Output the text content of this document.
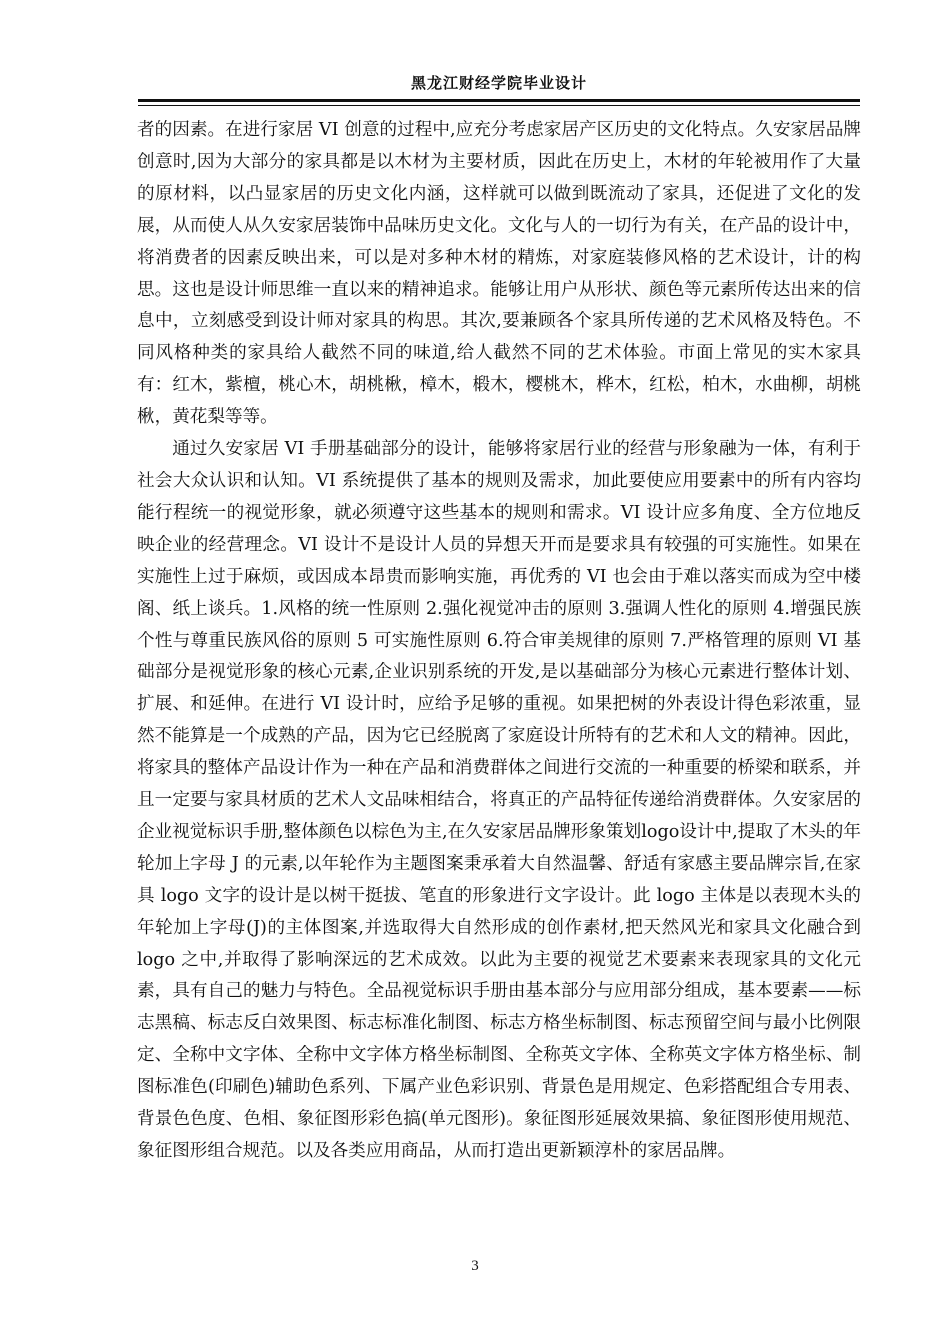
黑龙江财经学院毕业设计

者的因素。在进行家居 VI 创意的过程中,应充分考虑家居产区历史的文化特点。久安家居品牌创意时,因为大部分的家具都是以木材为主要材质，因此在历史上，木材的年轮被用作了大量的原材料，以凸显家居的历史文化内涵，这样就可以做到既流动了家具，还促进了文化的发展，从而使人从久安家居装饰中品味历史文化。文化与人的一切行为有关，在产品的设计中，将消费者的因素反映出来，可以是对多种木材的精炼，对家庭装修风格的艺术设计，计的构思。这也是设计师思维一直以来的精神追求。能够让用户从形状、颜色等元素所传达出来的信息中，立刻感受到设计师对家具的构思。其次,要兼顾各个家具所传递的艺术风格及特色。不同风格种类的家具给人截然不同的味道,给人截然不同的艺术体验。市面上常见的实木家具有：红木，紫檀，桃心木，胡桃楸，樟木，椴木，樱桃木，桦木，红松，柏木，水曲柳，胡桃楸，黄花梨等等。

通过久安家居 VI 手册基础部分的设计，能够将家居行业的经营与形象融为一体，有利于社会大众认识和认知。VI 系统提供了基本的规则及需求，加此要使应用要素中的所有内容均能行程统一的视觉形象，就必须遵守这些基本的规则和需求。VI 设计应多角度、全方位地反映企业的经营理念。VI 设计不是设计人员的异想天开而是要求具有较强的可实施性。如果在实施性上过于麻烦，或因成本昂贵而影响实施，再优秀的 VI 也会由于难以落实而成为空中楼阁、纸上谈兵。1.风格的统一性原则 2.强化视觉冲击的原则 3.强调人性化的原则 4.增强民族个性与尊重民族风俗的原则 5 可实施性原则 6.符合审美规律的原则 7.严格管理的原则 VI 基础部分是视觉形象的核心元素,企业识别系统的开发,是以基础部分为核心元素进行整体计划、扩展、和延伸。在进行 VI 设计时，应给予足够的重视。如果把树的外表设计得色彩浓重，显然不能算是一个成熟的产品，因为它已经脱离了家庭设计所特有的艺术和人文的精神。因此，将家具的整体产品设计作为一种在产品和消费群体之间进行交流的一种重要的桥梁和联系，并且一定要与家具材质的艺术人文品味相结合，将真正的产品特征传递给消费群体。久安家居的企业视觉标识手册,整体颜色以棕色为主,在久安家居品牌形象策划logo设计中,提取了木头的年轮加上字母 J 的元素,以年轮作为主题图案秉承着大自然温馨、舒适有家感主要品牌宗旨,在家具 logo 文字的设计是以树干挺拔、笔直的形象进行文字设计。此 logo 主体是以表现木头的年轮加上字母(J)的主体图案,并选取得大自然形成的创作素材,把天然风光和家具文化融合到 logo 之中,并取得了影响深远的艺术成效。以此为主要的视觉艺术要素来表现家具的文化元素，具有自己的魅力与特色。全品视觉标识手册由基本部分与应用部分组成，基本要素——标志黑稿、标志反白效果图、标志标准化制图、标志方格坐标制图、标志预留空间与最小比例限定、全称中文字体、全称中文字体方格坐标制图、全称英文字体、全称英文字体方格坐标、制图标准色(印刷色)辅助色系列、下属产业色彩识别、背景色是用规定、色彩搭配组合专用表、背景色色度、色相、象征图形彩色搞(单元图形)。象征图形延展效果搞、象征图形使用规范、象征图形组合规范。以及各类应用商品，从而打造出更新颖淳朴的家居品牌。

3
